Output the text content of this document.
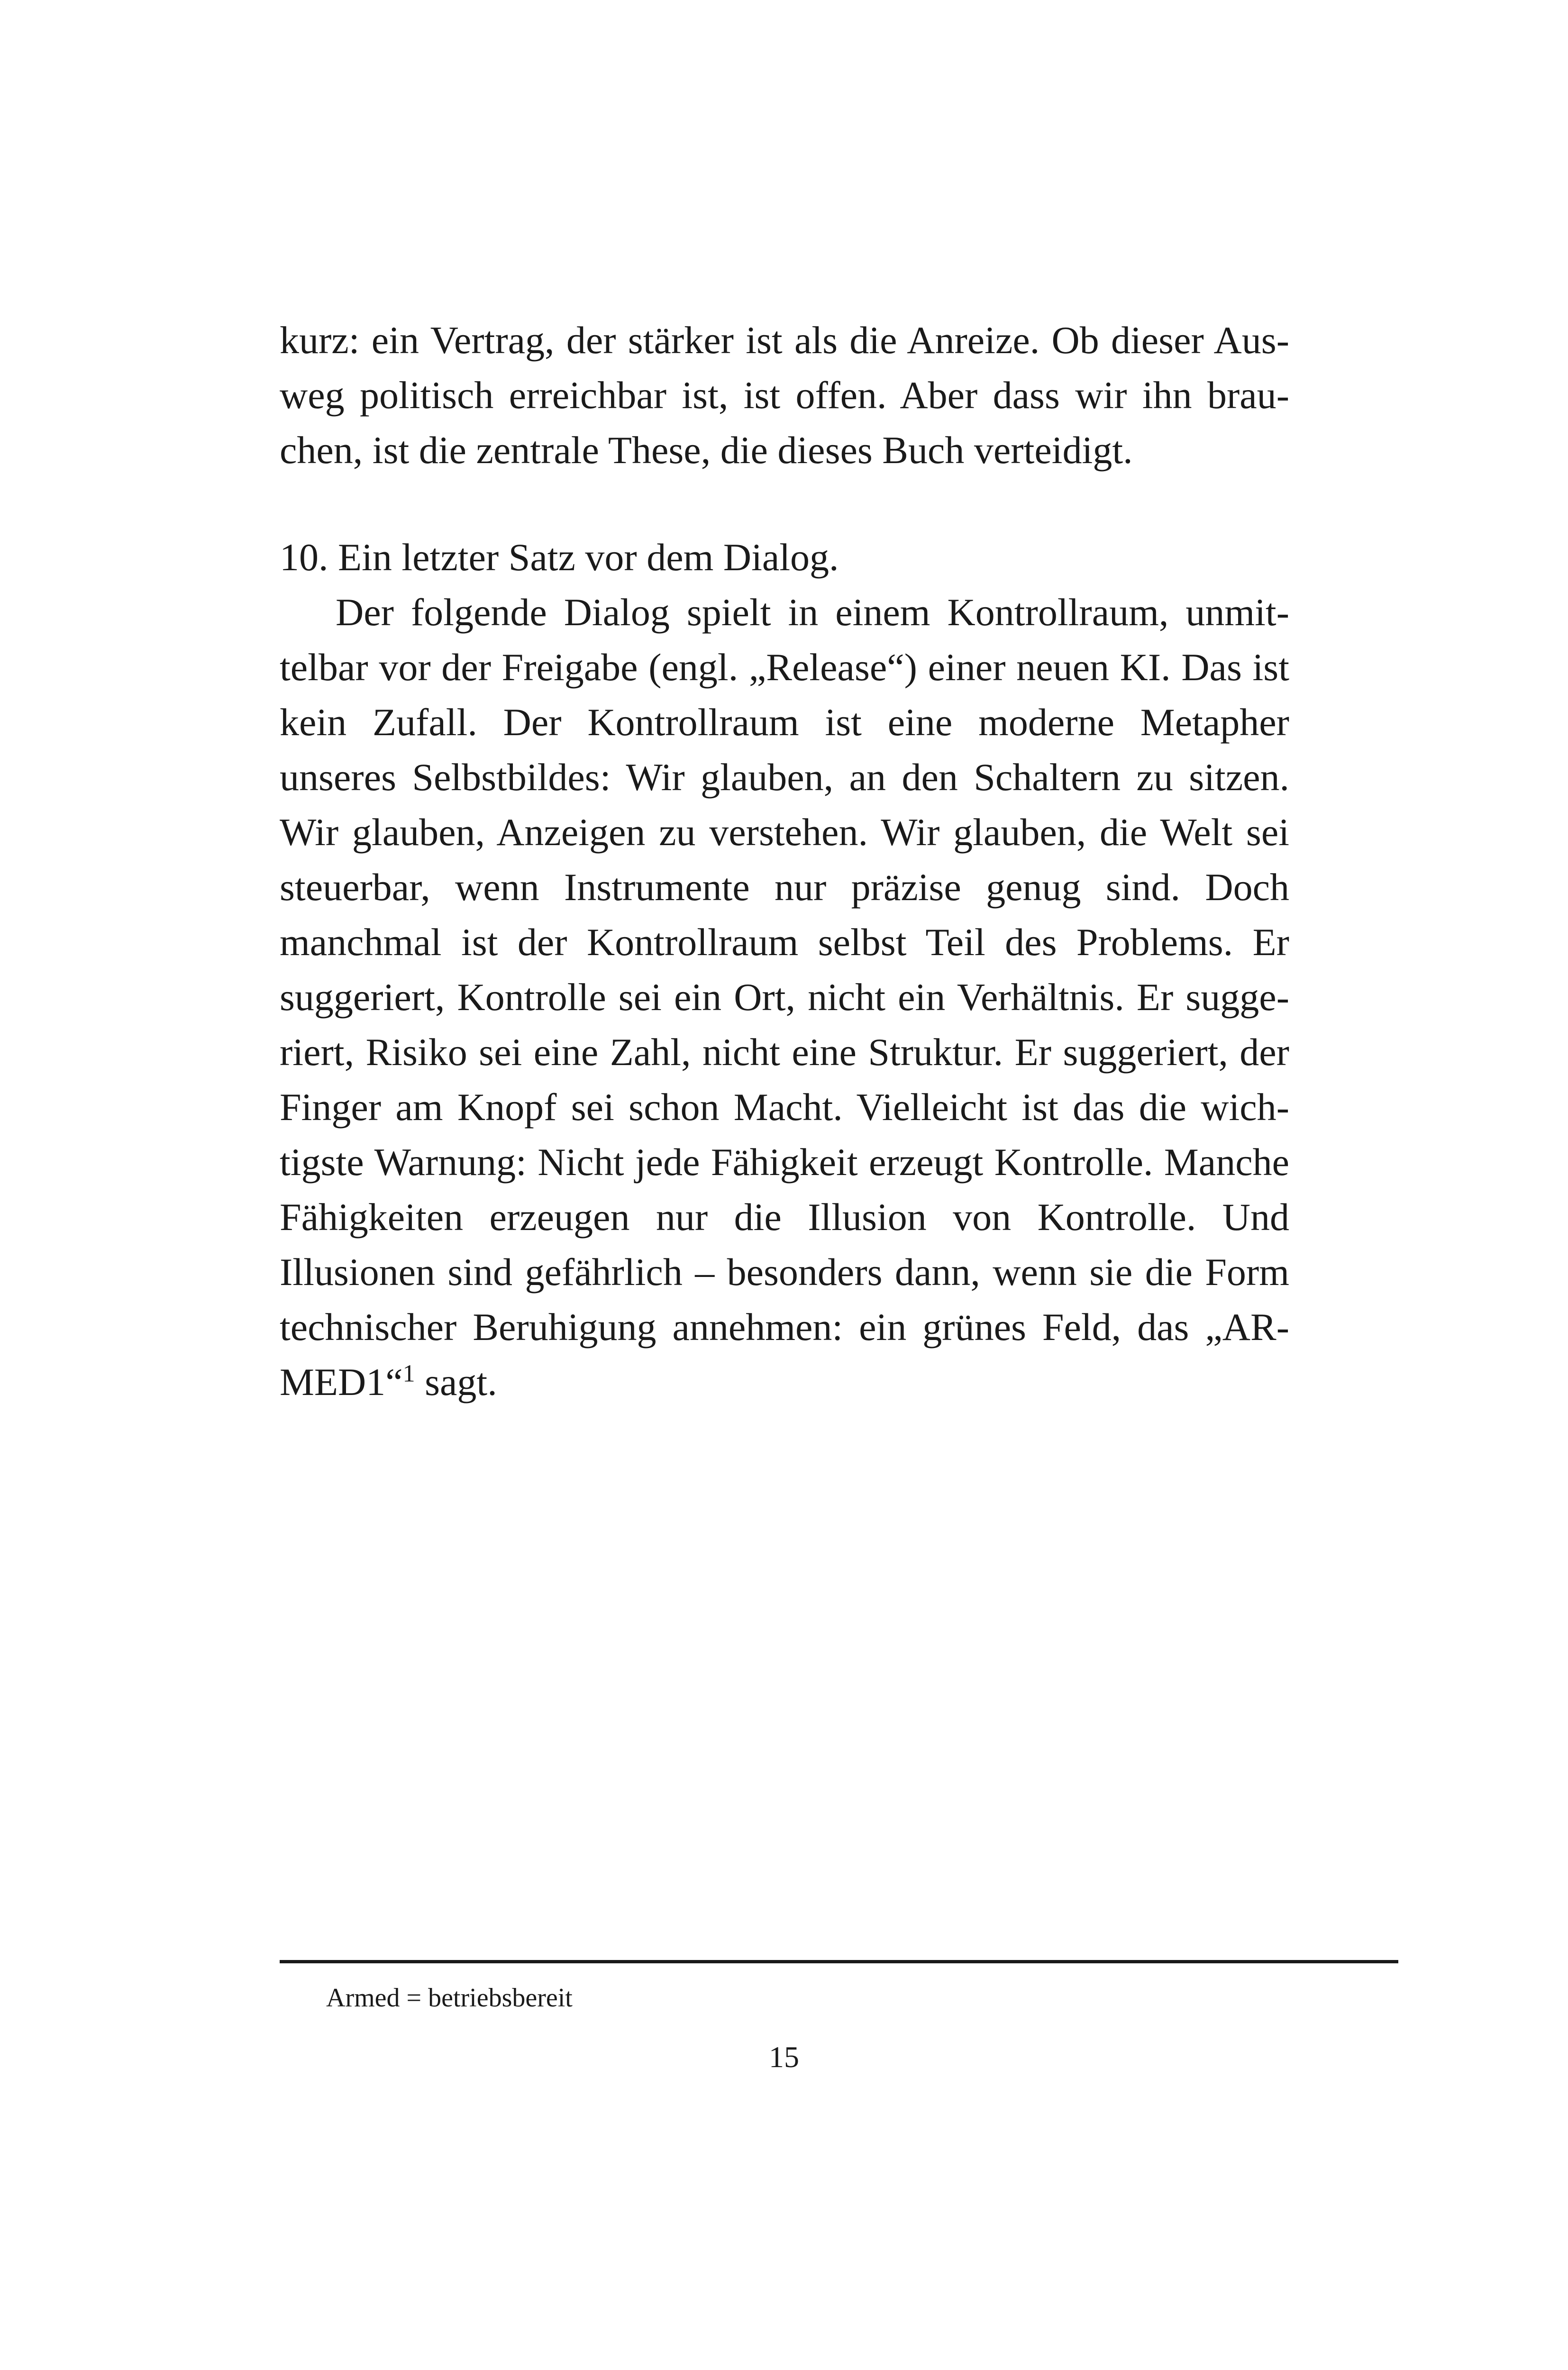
kurz: ein Vertrag, der stärker ist als die Anreize. Ob dieser Ausweg politisch erreichbar ist, ist offen. Aber dass wir ihn brauchen, ist die zentrale These, die dieses Buch verteidigt.

10. Ein letzter Satz vor dem Dialog.

Der folgende Dialog spielt in einem Kontrollraum, unmittelbar vor der Freigabe (engl. „Release“) einer neuen KI. Das ist kein Zufall. Der Kontrollraum ist eine moderne Metapher unseres Selbstbildes: Wir glauben, an den Schaltern zu sitzen. Wir glauben, Anzeigen zu verstehen. Wir glauben, die Welt sei steuerbar, wenn Instrumente nur präzise genug sind. Doch manchmal ist der Kontrollraum selbst Teil des Problems. Er suggeriert, Kontrolle sei ein Ort, nicht ein Verhältnis. Er suggeriert, Risiko sei eine Zahl, nicht eine Struktur. Er suggeriert, der Finger am Knopf sei schon Macht. Vielleicht ist das die wichtigste Warnung: Nicht jede Fähigkeit erzeugt Kontrolle. Manche Fähigkeiten erzeugen nur die Illusion von Kontrolle. Und Illusionen sind gefährlich – besonders dann, wenn sie die Form technischer Beruhigung annehmen: ein grünes Feld, das „ARMED1“$^1$ sagt.

Armed = betriebsbereit
15
